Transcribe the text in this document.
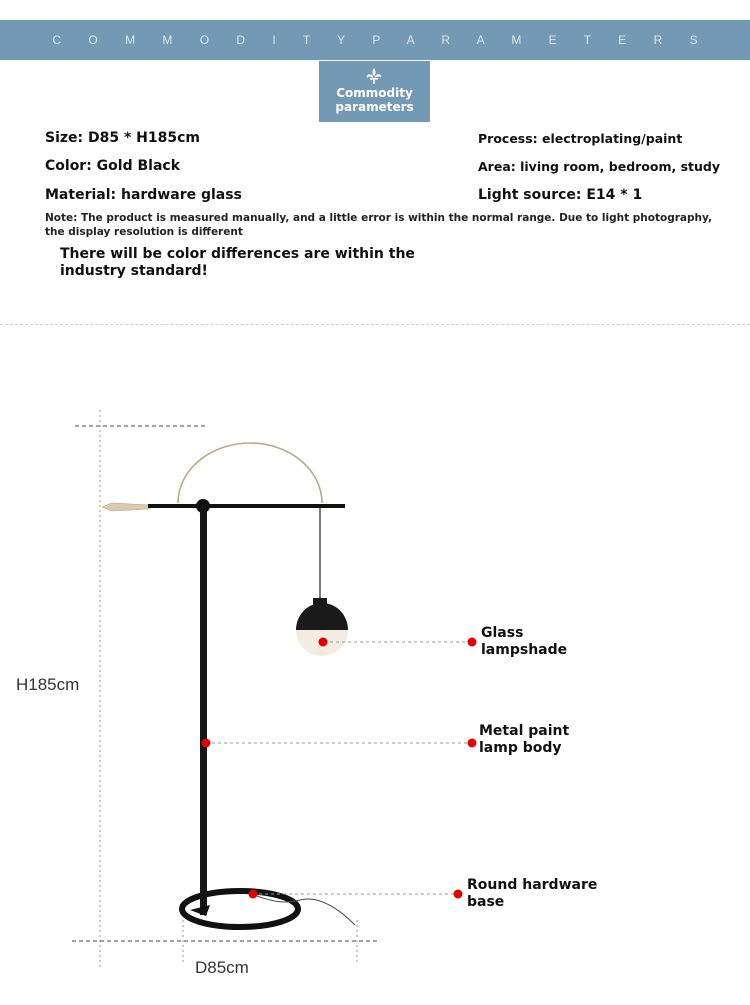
C O M M O D I T Y P A R A M E T E R S
Commodity
parameters
Size: D85 * H185cm
Color: Gold Black
Material: hardware glass
Process: electroplating/paint
Area: living room, bedroom, study
Light source: E14 * 1
Note: The product is measured manually, and a little error is within the normal range. Due to light photography, the display resolution is different
There will be color differences are within the industry standard!
H185cm
D85cm
Glass
lampshade
Metal paint
lamp body
Round hardware
base
